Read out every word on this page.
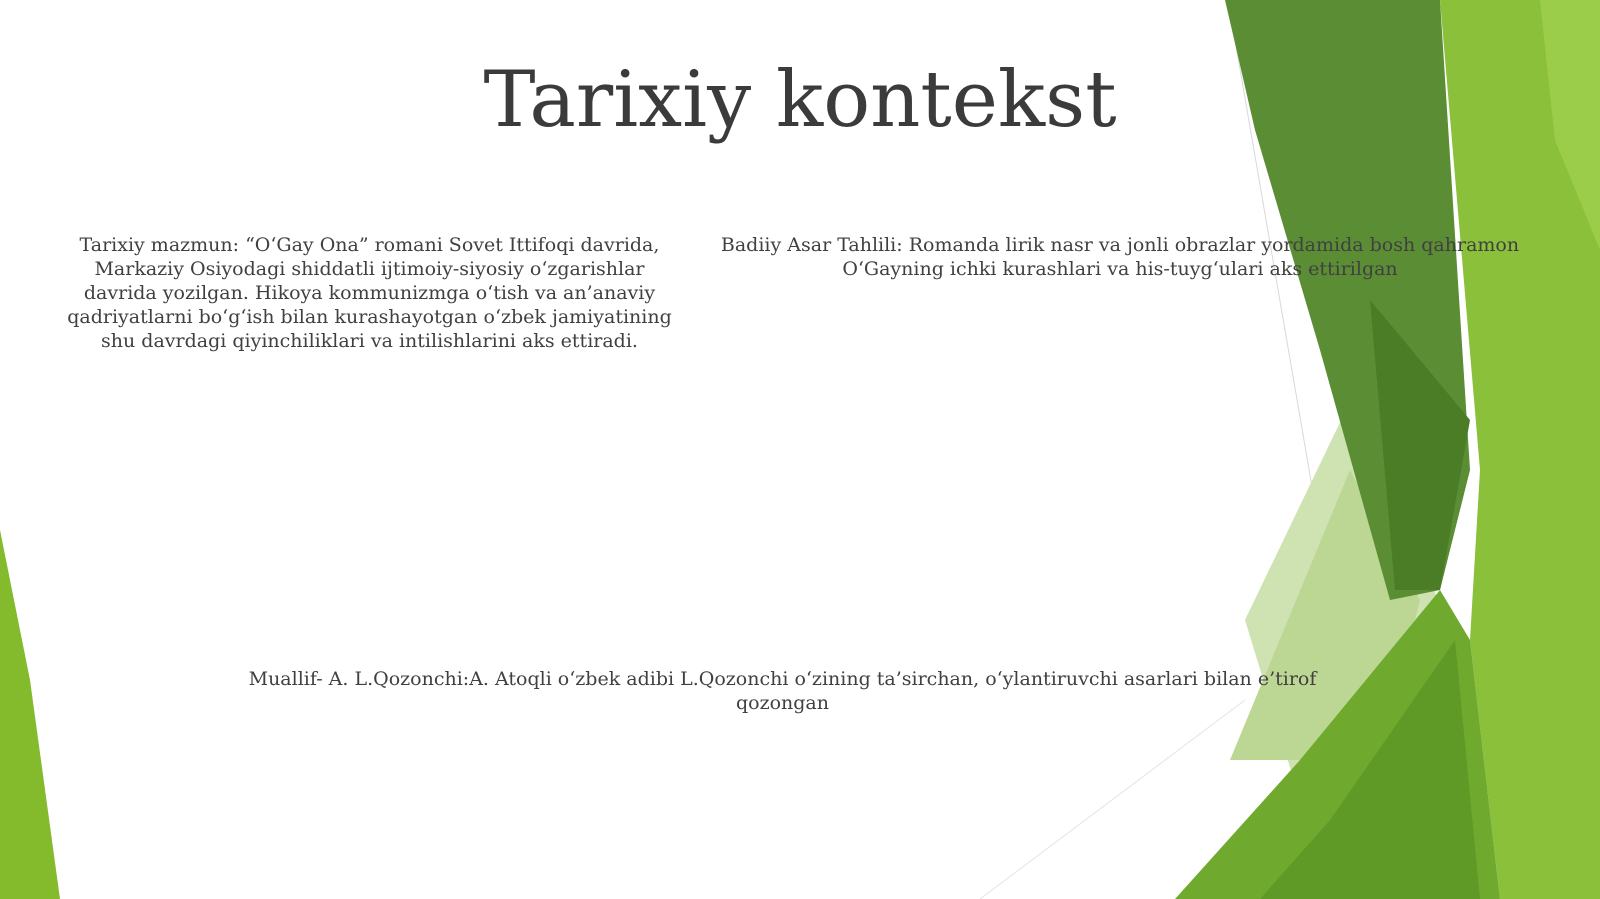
Tarixiy kontekst
Tarixiy mazmun: “O‘Gay Ona” romani Sovet Ittifoqi davrida, Markaziy Osiyodagi shiddatli ijtimoiy-siyosiy o‘zgarishlar davrida yozilgan. Hikoya kommunizmga o‘tish va an’anaviy qadriyatlarni bo‘g‘ish bilan kurashayotgan o‘zbek jamiyatining shu davrdagi qiyinchiliklari va intilishlarini aks ettiradi.
Badiiy Asar Tahlili: Romanda lirik nasr va jonli obrazlar yordamida bosh qahramon O‘Gayning ichki kurashlari va his-tuyg‘ulari aks ettirilgan
Muallif- A. L.Qozonchi:A. Atoqli o‘zbek adibi L.Qozonchi o‘zining ta’sirchan, o‘ylantiruvchi asarlari bilan e’tirof qozongan
